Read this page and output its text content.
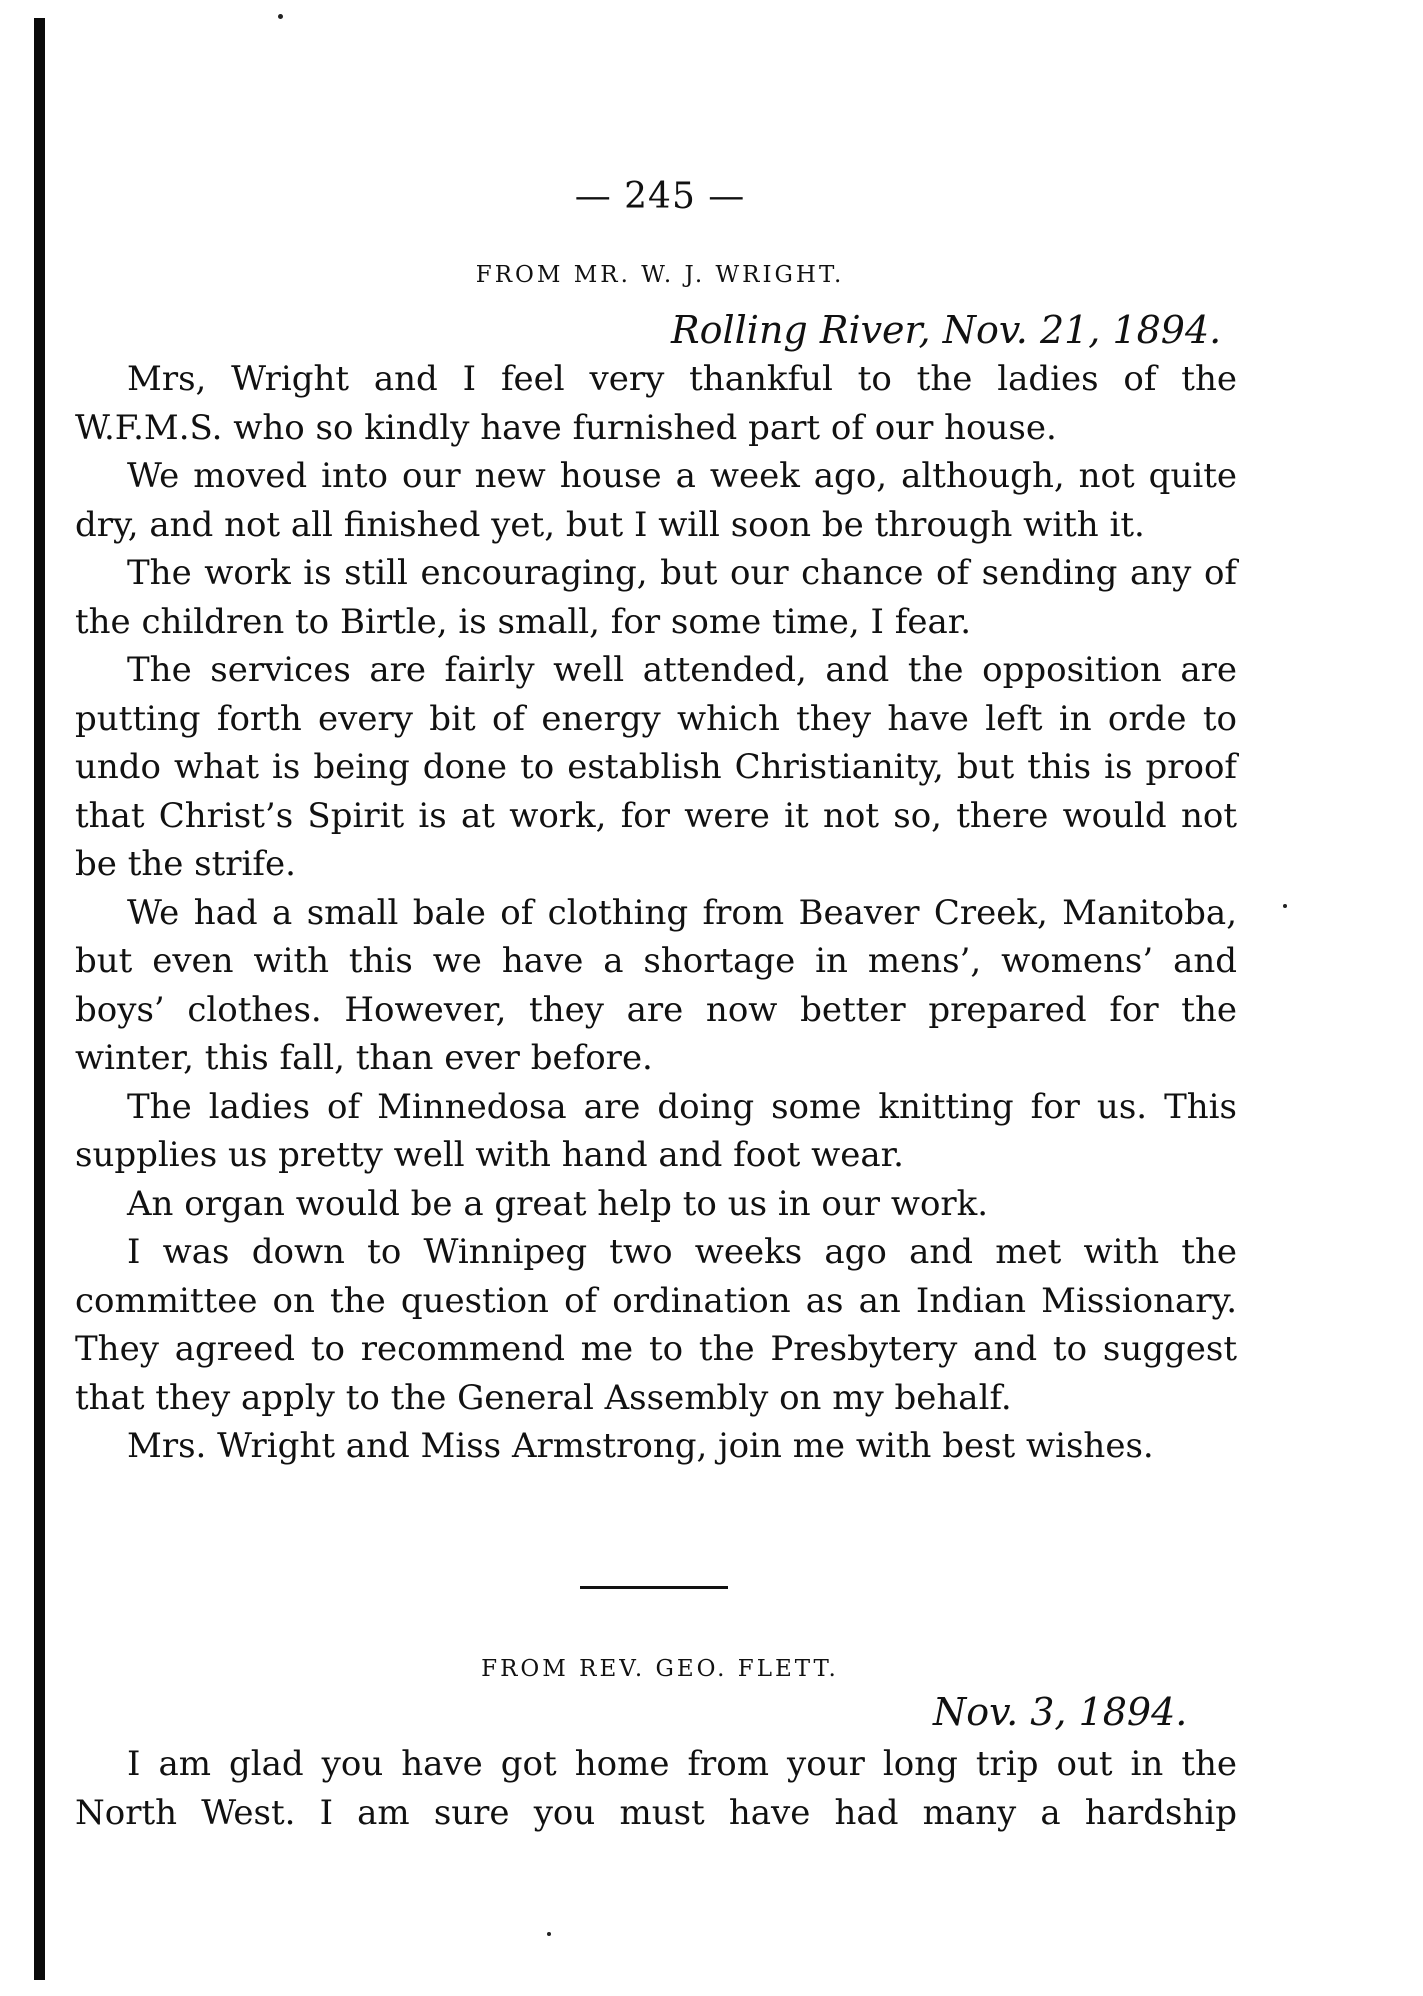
— 245 —
FROM MR. W. J. WRIGHT.
Rolling River, Nov. 21, 1894.

Mrs, Wright and I feel very thankful to the ladies of the W.F.M.S. who so kindly have furnished part of our house.

We moved into our new house a week ago, although, not quite dry, and not all finished yet, but I will soon be through with it.

The work is still encouraging, but our chance of sending any of the children to Birtle, is small, for some time, I fear.

The services are fairly well attended, and the opposition are putting forth every bit of energy which they have left in orde to undo what is being done to establish Christianity, but this is proof that Christ’s Spirit is at work, for were it not so, there would not be the strife.

We had a small bale of clothing from Beaver Creek, Manitoba, but even with this we have a shortage in mens’, womens’ and boys’ clothes. However, they are now better prepared for the winter, this fall, than ever before.

The ladies of Minnedosa are doing some knitting for us. This supplies us pretty well with hand and foot wear.

An organ would be a great help to us in our work.

I was down to Winnipeg two weeks ago and met with the committee on the question of ordination as an Indian Missionary. They agreed to recommend me to the Presbytery and to suggest that they apply to the General Assembly on my behalf.

Mrs. Wright and Miss Armstrong, join me with best wishes.

FROM REV. GEO. FLETT.
Nov. 3, 1894.

I am glad you have got home from your long trip out in the North West. I am sure you must have had many a hardship
